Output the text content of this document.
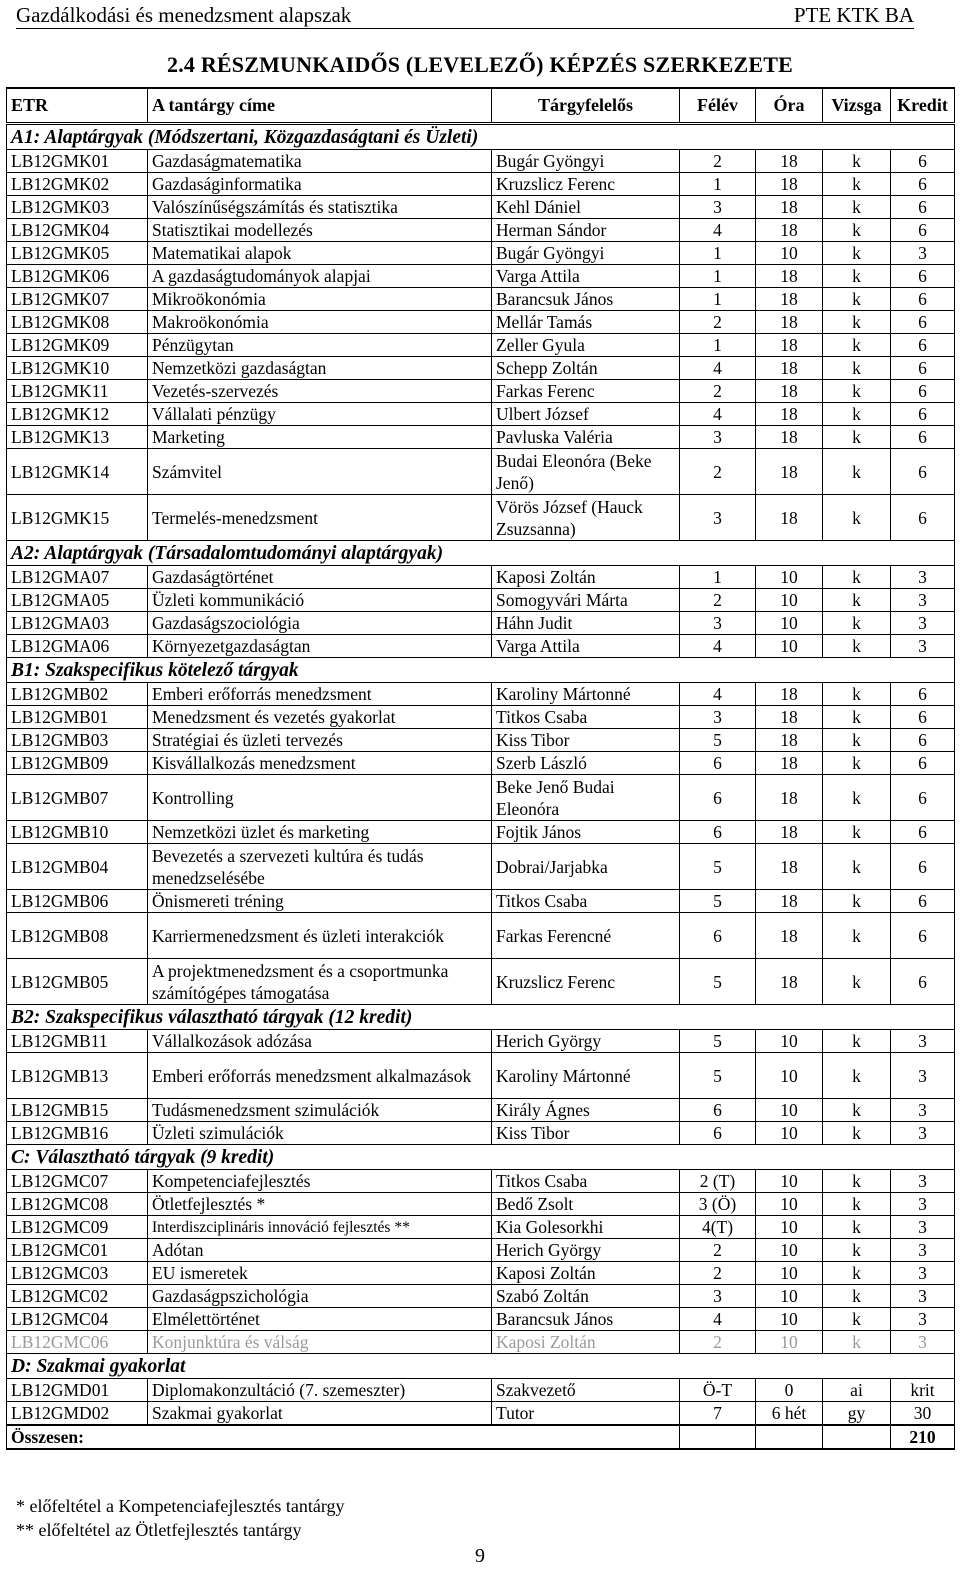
Gazdálkodási és menedzsment alapszak	PTE KTK BA
2.4 RÉSZMUNKAIDŐS (LEVELEZŐ) KÉPZÉS SZERKEZETE
ETR	A tantárgy címe	Tárgyfelelős	Félév	Óra	Vizsga	Kredit
A1: Alaptárgyak (Módszertani, Közgazdaságtani és Üzleti)						
LB12GMK01	Gazdaságmatematika	Bugár Gyöngyi	2	18	k	6
LB12GMK02	Gazdaságinformatika	Kruzslicz Ferenc	1	18	k	6
LB12GMK03	Valószínűségszámítás és statisztika	Kehl Dániel	3	18	k	6
LB12GMK04	Statisztikai modellezés	Herman Sándor	4	18	k	6
LB12GMK05	Matematikai alapok	Bugár Gyöngyi	1	10	k	3
LB12GMK06	A gazdaságtudományok alapjai	Varga Attila	1	18	k	6
LB12GMK07	Mikroökonómia	Barancsuk János	1	18	k	6
LB12GMK08	Makroökonómia	Mellár Tamás	2	18	k	6
LB12GMK09	Pénzügytan	Zeller Gyula	1	18	k	6
LB12GMK10	Nemzetközi gazdaságtan	Schepp Zoltán	4	18	k	6
LB12GMK11	Vezetés-szervezés	Farkas Ferenc	2	18	k	6
LB12GMK12	Vállalati pénzügy	Ulbert József	4	18	k	6
LB12GMK13	Marketing	Pavluska Valéria	3	18	k	6
LB12GMK14	Számvitel	Budai Eleonóra (Beke Jenő)	2	18	k	6
LB12GMK15	Termelés-menedzsment	Vörös József (Hauck Zsuzsanna)	3	18	k	6
A2: Alaptárgyak (Társadalomtudományi alaptárgyak)						
LB12GMA07	Gazdaságtörténet	Kaposi Zoltán	1	10	k	3
LB12GMA05	Üzleti kommunikáció	Somogyvári Márta	2	10	k	3
LB12GMA03	Gazdaságszociológia	Háhn Judit	3	10	k	3
LB12GMA06	Környezetgazdaságtan	Varga Attila	4	10	k	3
B1: Szakspecifikus kötelező tárgyak						
LB12GMB02	Emberi erőforrás menedzsment	Karoliny Mártonné	4	18	k	6
LB12GMB01	Menedzsment és vezetés gyakorlat	Titkos Csaba	3	18	k	6
LB12GMB03	Stratégiai és üzleti tervezés	Kiss Tibor	5	18	k	6
LB12GMB09	Kisvállalkozás menedzsment	Szerb László	6	18	k	6
LB12GMB07	Kontrolling	Beke Jenő Budai Eleonóra	6	18	k	6
LB12GMB10	Nemzetközi üzlet és marketing	Fojtik János	6	18	k	6
LB12GMB04	Bevezetés a szervezeti kultúra és tudás menedzselésébe	Dobrai/Jarjabka	5	18	k	6
LB12GMB06	Önismereti tréning	Titkos Csaba	5	18	k	6
LB12GMB08	Karriermenedzsment és üzleti interakciók	Farkas Ferencné	6	18	k	6
LB12GMB05	A projektmenedzsment és a csoportmunka számítógépes támogatása	Kruzslicz Ferenc	5	18	k	6
B2: Szakspecifikus választható tárgyak (12 kredit)						
LB12GMB11	Vállalkozások adózása	Herich György	5	10	k	3
LB12GMB13	Emberi erőforrás menedzsment alkalmazások	Karoliny Mártonné	5	10	k	3
LB12GMB15	Tudásmenedzsment szimulációk	Király Ágnes	6	10	k	3
LB12GMB16	Üzleti szimulációk	Kiss Tibor	6	10	k	3
C: Választható tárgyak (9 kredit)						
LB12GMC07	Kompetenciafejlesztés	Titkos Csaba	2 (T)	10	k	3
LB12GMC08	Ötletfejlesztés *	Bedő Zsolt	3 (Ö)	10	k	3
LB12GMC09	Interdiszciplináris innováció fejlesztés **	Kia Golesorkhi	4(T)	10	k	3
LB12GMC01	Adótan	Herich György	2	10	k	3
LB12GMC03	EU ismeretek	Kaposi Zoltán	2	10	k	3
LB12GMC02	Gazdaságpszichológia	Szabó Zoltán	3	10	k	3
LB12GMC04	Elmélettörténet	Barancsuk János	4	10	k	3
LB12GMC06	Konjunktúra és válság	Kaposi Zoltán	2	10	k	3
D: Szakmai gyakorlat						
LB12GMD01	Diplomakonzultáció (7. szemeszter)	Szakvezető	Ö-T	0	ai	krit
LB12GMD02	Szakmai gyakorlat	Tutor	7	6 hét	gy	30
Összesen:						210
* előfeltétel a Kompetenciafejlesztés tantárgy
** előfeltétel az Ötletfejlesztés tantárgy
9
